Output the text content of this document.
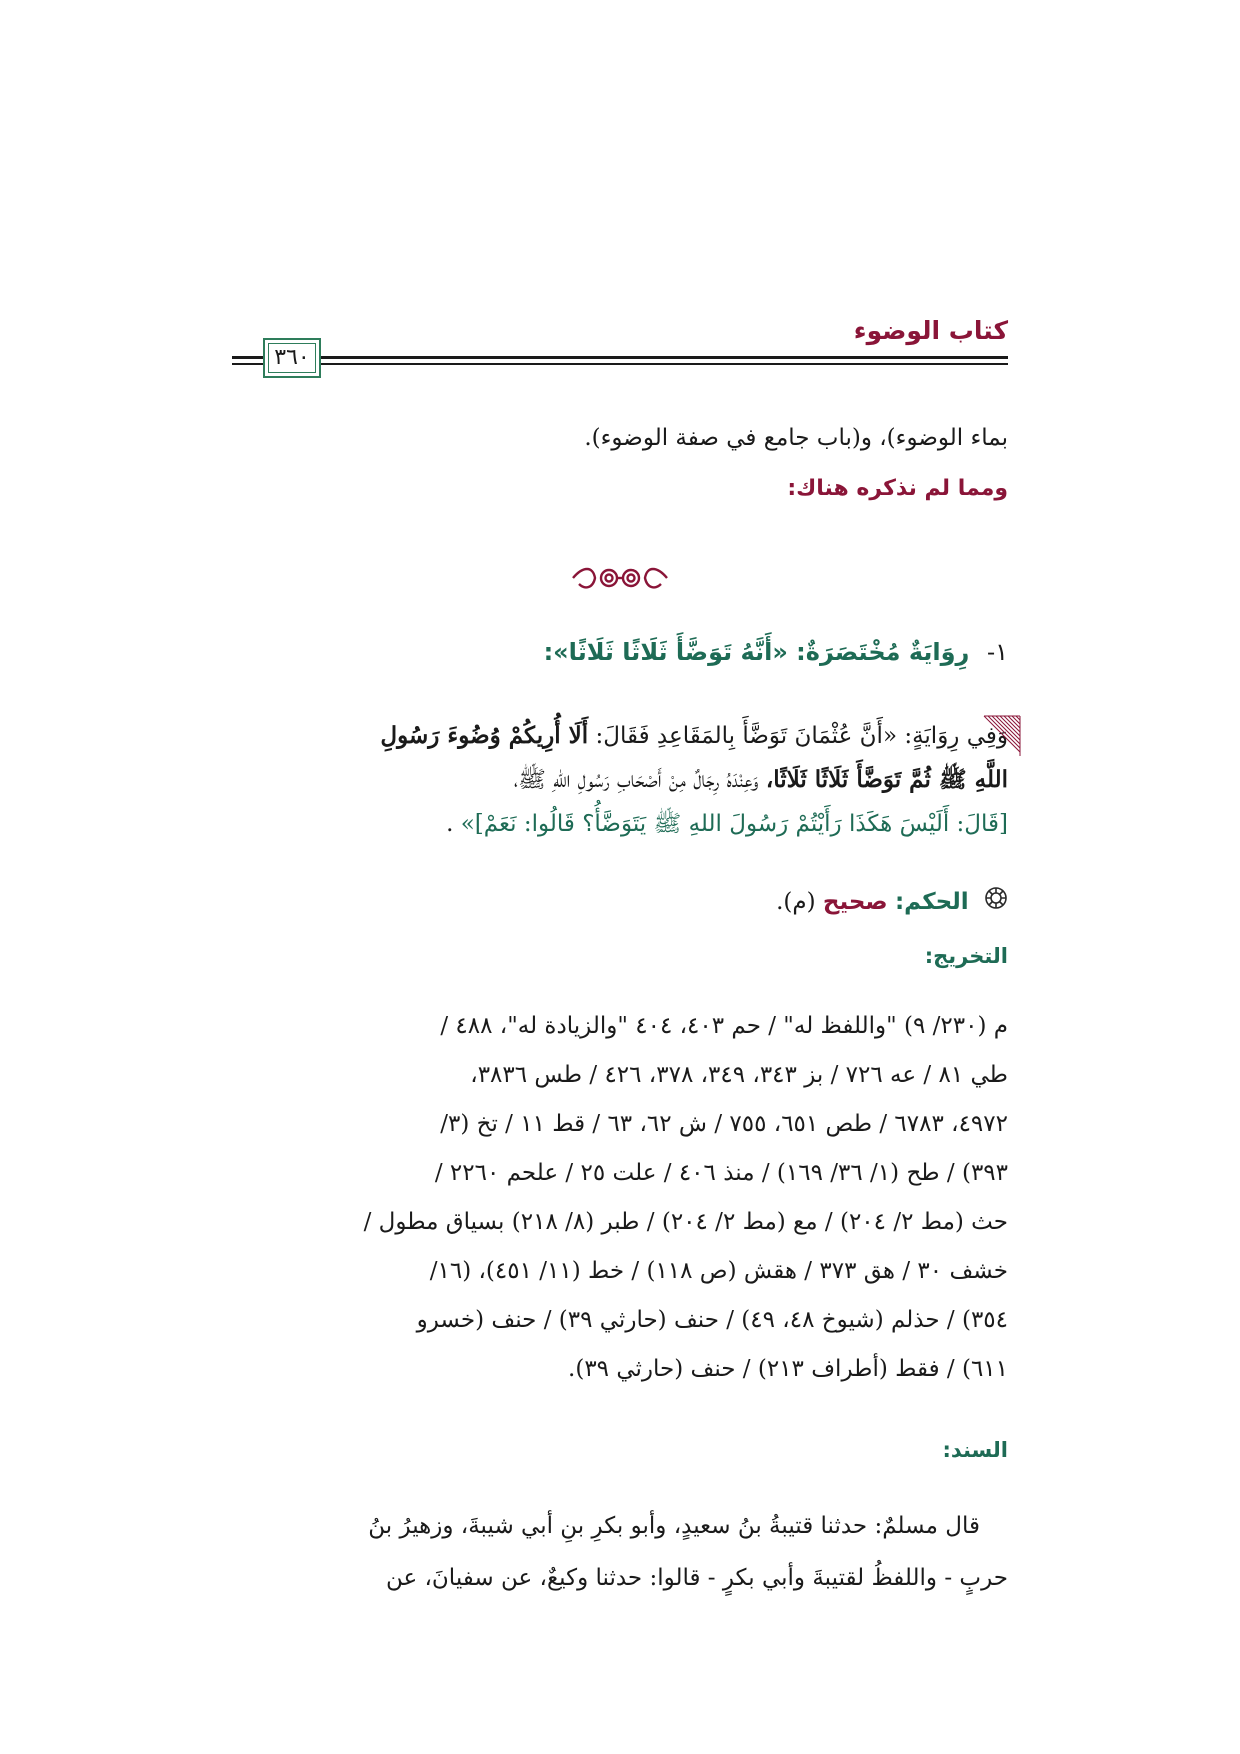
كتاب الوضوء
٣٦٠
بماء الوضوء)، و(باب جامع في صفة الوضوء).
ومما لم نذكره هناك:
١- رِوَايَةٌ مُخْتَصَرَةٌ: «أَنَّهُ تَوَضَّأَ ثَلَاثًا ثَلَاثًا»:
وَفِي رِوَايَةٍ: «أَنَّ عُثْمَانَ تَوَضَّأَ بِالمَقَاعِدِ فَقَالَ: أَلَا أُرِيكُمْ وُضُوءَ رَسُولِ
اللَّهِ ﷺ ثُمَّ تَوَضَّأَ ثَلَاثًا ثَلَاثًا، وَعِنْدَهُ رِجَالٌ مِنْ أَصْحَابِ رَسُولِ اللهِ ﷺ،
[قَالَ: أَلَيْسَ هَكَذَا رَأَيْتُمْ رَسُولَ اللهِ ﷺ يَتَوَضَّأُ؟ قَالُوا: نَعَمْ]» .
الحكم: صحيح (م).
التخريج:
م (٢٣٠/ ٩) "واللفظ له" / حم ٤٠٣، ٤٠٤ "والزيادة له"، ٤٨٨ /
طي ٨١ / عه ٧٢٦ / بز ٣٤٣، ٣٤٩، ٣٧٨، ٤٢٦ / طس ٣٨٣٦،
٤٩٧٢، ٦٧٨٣ / طص ٦٥١، ٧٥٥ / ش ٦٢، ٦٣ / قط ١١ / تخ (٣/
٣٩٣) / طح (١/ ٣٦/ ١٦٩) / منذ ٤٠٦ / علت ٢٥ / علحم ٢٢٦٠ /
حث (مط ٢/ ٢٠٤) / مع (مط ٢/ ٢٠٤) / طبر (٨/ ٢١٨) بسياق مطول /
خشف ٣٠ / هق ٣٧٣ / هقش (ص ١١٨) / خط (١١/ ٤٥١)، (١٦/
٣٥٤) / حذلم (شيوخ ٤٨، ٤٩) / حنف (حارثي ٣٩) / حنف (خسرو
٦١١) / فقط (أطراف ٢١٣) / حنف (حارثي ٣٩).
السند:
قال مسلمٌ: حدثنا قتيبةُ بنُ سعيدٍ، وأبو بكرِ بنِ أبي شيبةَ، وزهيرُ بنُ
حربٍ - واللفظُ لقتيبةَ وأبي بكرٍ - قالوا: حدثنا وكيعٌ، عن سفيانَ، عن
